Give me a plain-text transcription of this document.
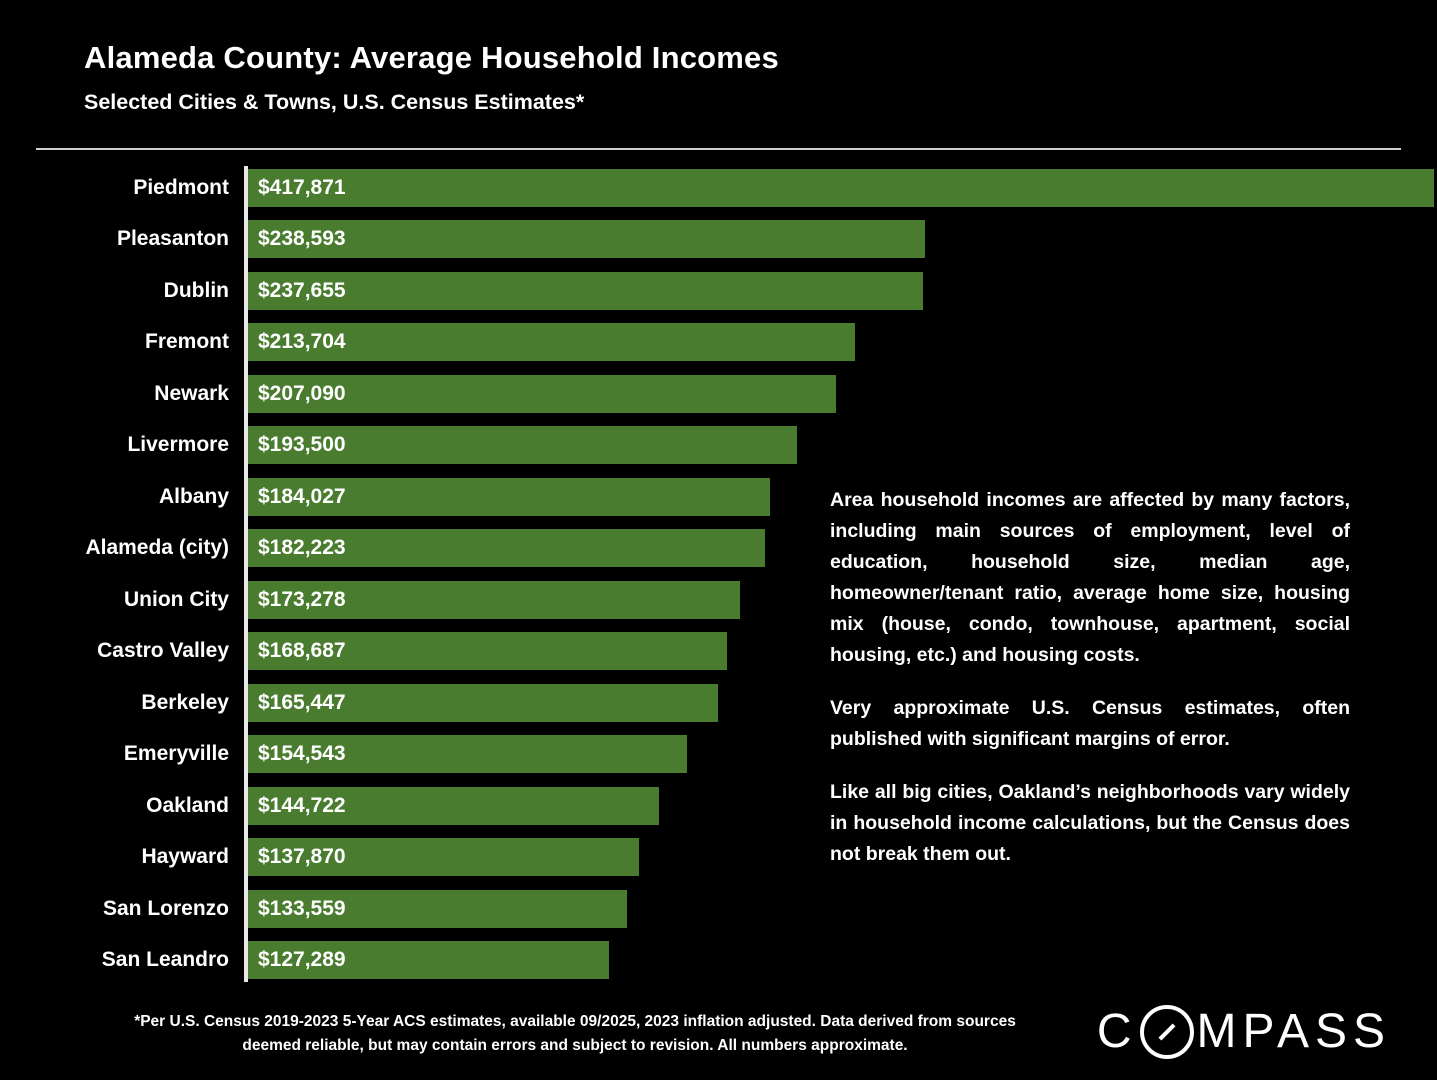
Alameda County: Average Household Incomes
Selected Cities & Towns, U.S. Census Estimates*
Piedmont $417,871
Pleasanton $238,593
Dublin $237,655
Fremont $213,704
Newark $207,090
Livermore $193,500
Albany $184,027
Alameda (city) $182,223
Union City $173,278
Castro Valley $168,687
Berkeley $165,447
Emeryville $154,543
Oakland $144,722
Hayward $137,870
San Lorenzo $133,559
San Leandro $127,289

Area household incomes are affected by many factors, including main sources of employment, level of education, household size, median age, homeowner/tenant ratio, average home size, housing mix (house, condo, townhouse, apartment, social housing, etc.) and housing costs.

Very approximate U.S. Census estimates, often published with significant margins of error.

Like all big cities, Oakland’s neighborhoods vary widely in household income calculations, but the Census does not break them out.

*Per U.S. Census 2019-2023 5-Year ACS estimates, available 09/2025, 2023 inflation adjusted. Data derived from sources deemed reliable, but may contain errors and subject to revision. All numbers approximate.	C MPASS
